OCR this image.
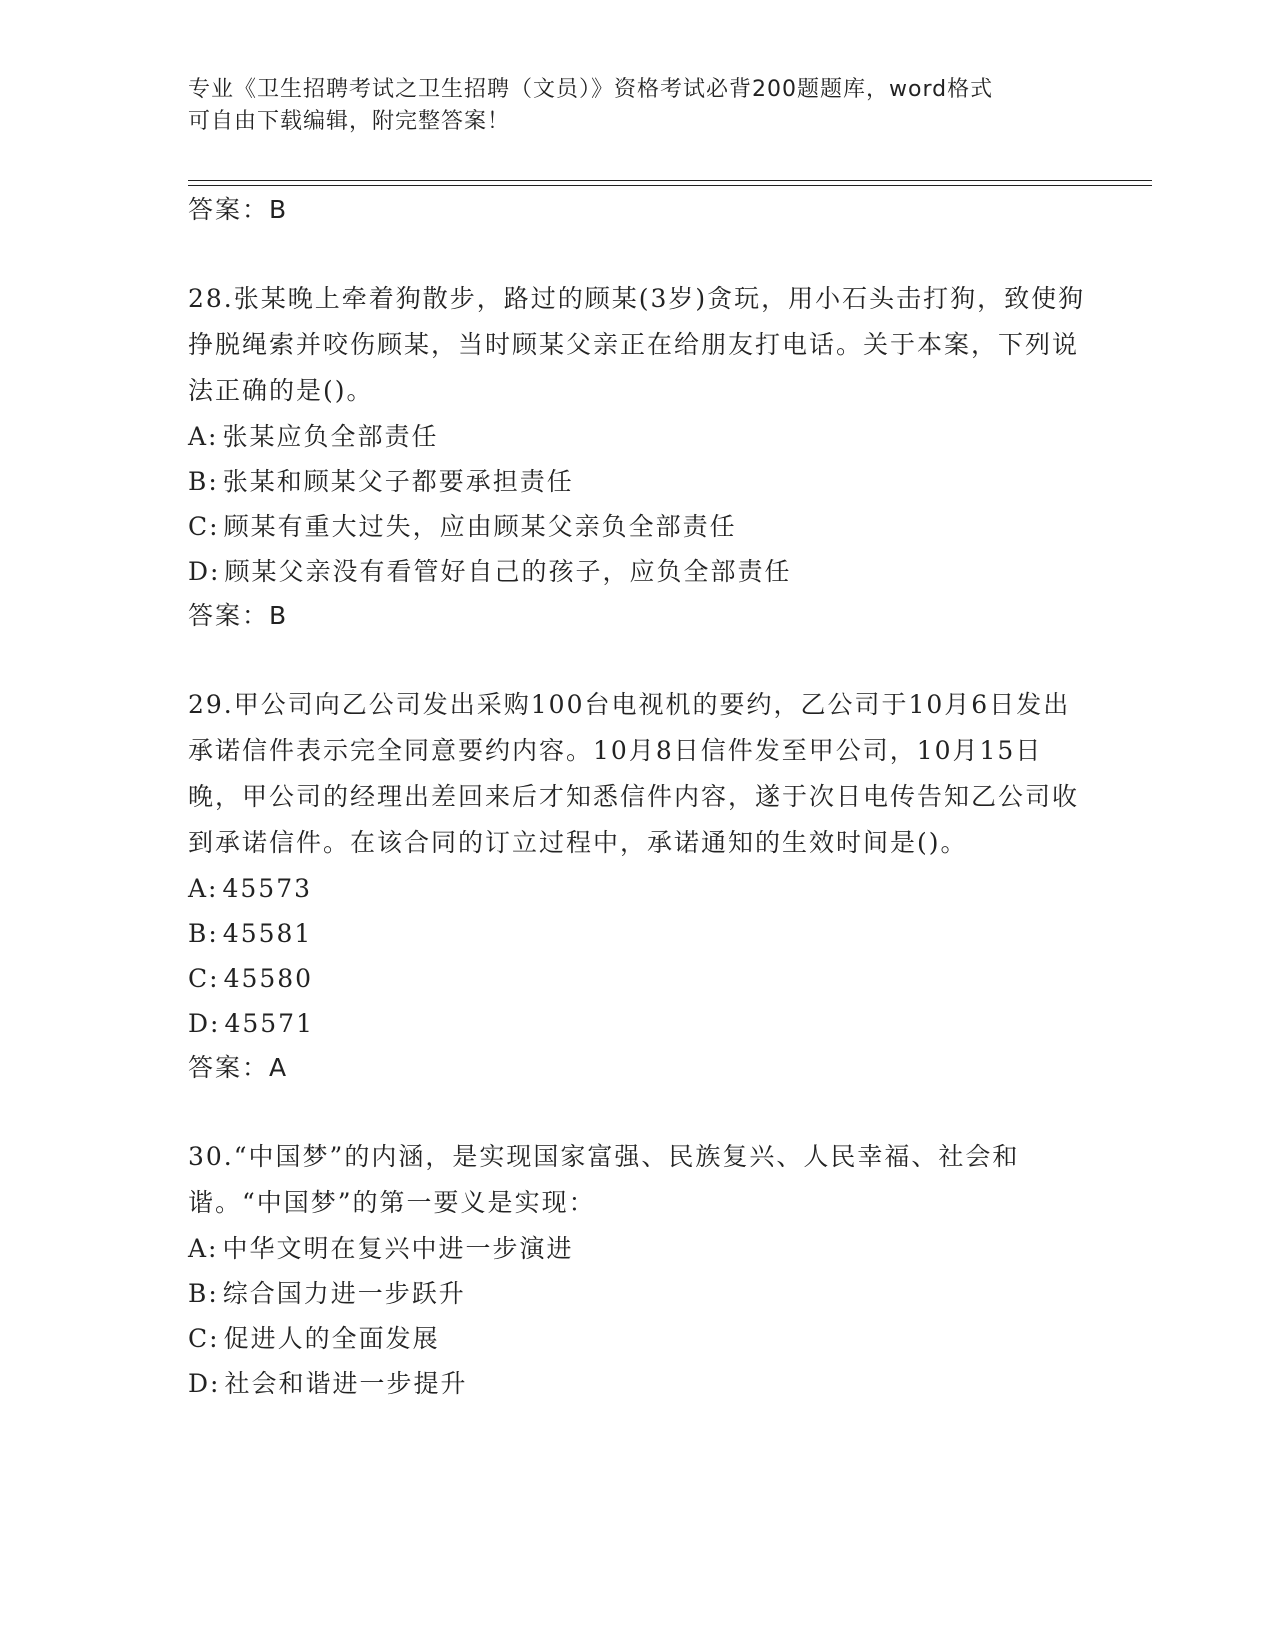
专业《卫生招聘考试之卫生招聘（文员）》资格考试必背200题题库，word格式
可自由下载编辑，附完整答案！
答案：B
28.张某晚上牵着狗散步，路过的顾某(3岁)贪玩，用小石头击打狗，致使狗挣脱绳索并咬伤顾某，当时顾某父亲正在给朋友打电话。关于本案，下列说法正确的是()。
A: 张某应负全部责任
B: 张某和顾某父子都要承担责任
C: 顾某有重大过失，应由顾某父亲负全部责任
D: 顾某父亲没有看管好自己的孩子，应负全部责任
答案：B
29.甲公司向乙公司发出采购100台电视机的要约，乙公司于10月6日发出承诺信件表示完全同意要约内容。10月8日信件发至甲公司，10月15日晚，甲公司的经理出差回来后才知悉信件内容，遂于次日电传告知乙公司收到承诺信件。在该合同的订立过程中，承诺通知的生效时间是()。
A: 45573
B: 45581
C: 45580
D: 45571
答案：A
30.“中国梦”的内涵，是实现国家富强、民族复兴、人民幸福、社会和谐。“中国梦”的第一要义是实现：
A: 中华文明在复兴中进一步演进
B: 综合国力进一步跃升
C: 促进人的全面发展
D: 社会和谐进一步提升
